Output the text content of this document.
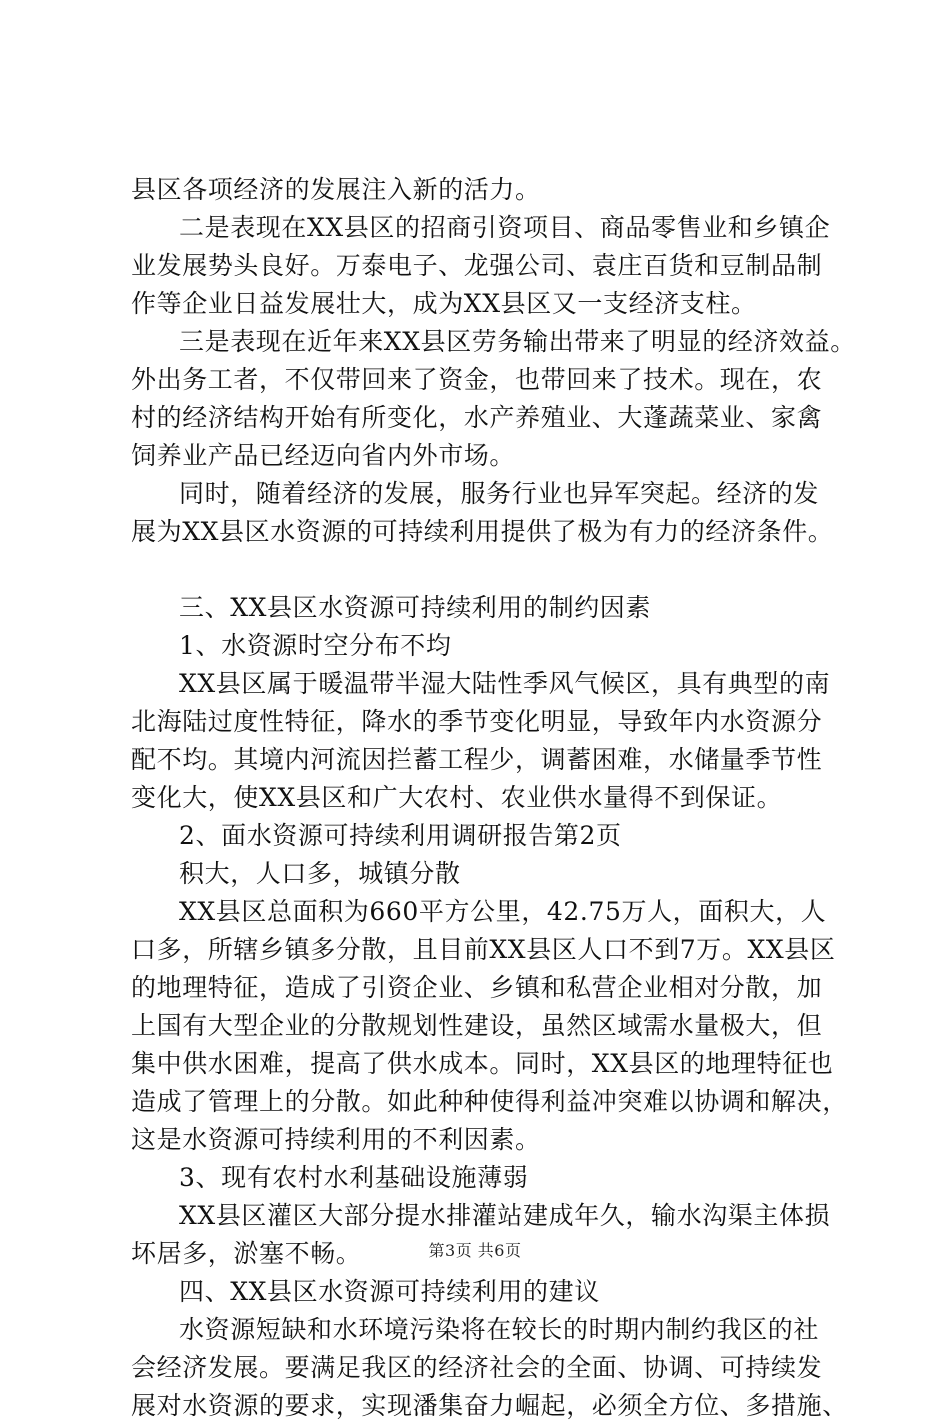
县区各项经济的发展注入新的活力。
二是表现在XX县区的招商引资项目、商品零售业和乡镇企
业发展势头良好。万泰电子、龙强公司、袁庄百货和豆制品制
作等企业日益发展壮大，成为XX县区又一支经济支柱。
三是表现在近年来XX县区劳务输出带来了明显的经济效益。
外出务工者，不仅带回来了资金，也带回来了技术。现在，农
村的经济结构开始有所变化，水产养殖业、大蓬蔬菜业、家禽
饲养业产品已经迈向省内外市场。
同时，随着经济的发展，服务行业也异军突起。经济的发
展为XX县区水资源的可持续利用提供了极为有力的经济条件。
三、XX县区水资源可持续利用的制约因素
1、水资源时空分布不均
XX县区属于暖温带半湿大陆性季风气候区，具有典型的南
北海陆过度性特征，降水的季节变化明显，导致年内水资源分
配不均。其境内河流因拦蓄工程少，调蓄困难，水储量季节性
变化大，使XX县区和广大农村、农业供水量得不到保证。
2、面水资源可持续利用调研报告第2页
积大，人口多，城镇分散
XX县区总面积为660平方公里，42.75万人，面积大，人
口多，所辖乡镇多分散，且目前XX县区人口不到7万。XX县区
的地理特征，造成了引资企业、乡镇和私营企业相对分散，加
上国有大型企业的分散规划性建设，虽然区域需水量极大，但
集中供水困难，提高了供水成本。同时，XX县区的地理特征也
造成了管理上的分散。如此种种使得利益冲突难以协调和解决，
这是水资源可持续利用的不利因素。
3、现有农村水利基础设施薄弱
XX县区灌区大部分提水排灌站建成年久，输水沟渠主体损
坏居多，淤塞不畅。
四、XX县区水资源可持续利用的建议
水资源短缺和水环境污染将在较长的时期内制约我区的社
会经济发展。要满足我区的经济社会的全面、协调、可持续发
展对水资源的要求，实现潘集奋力崛起，必须全方位、多措施、
第3页 共6页
